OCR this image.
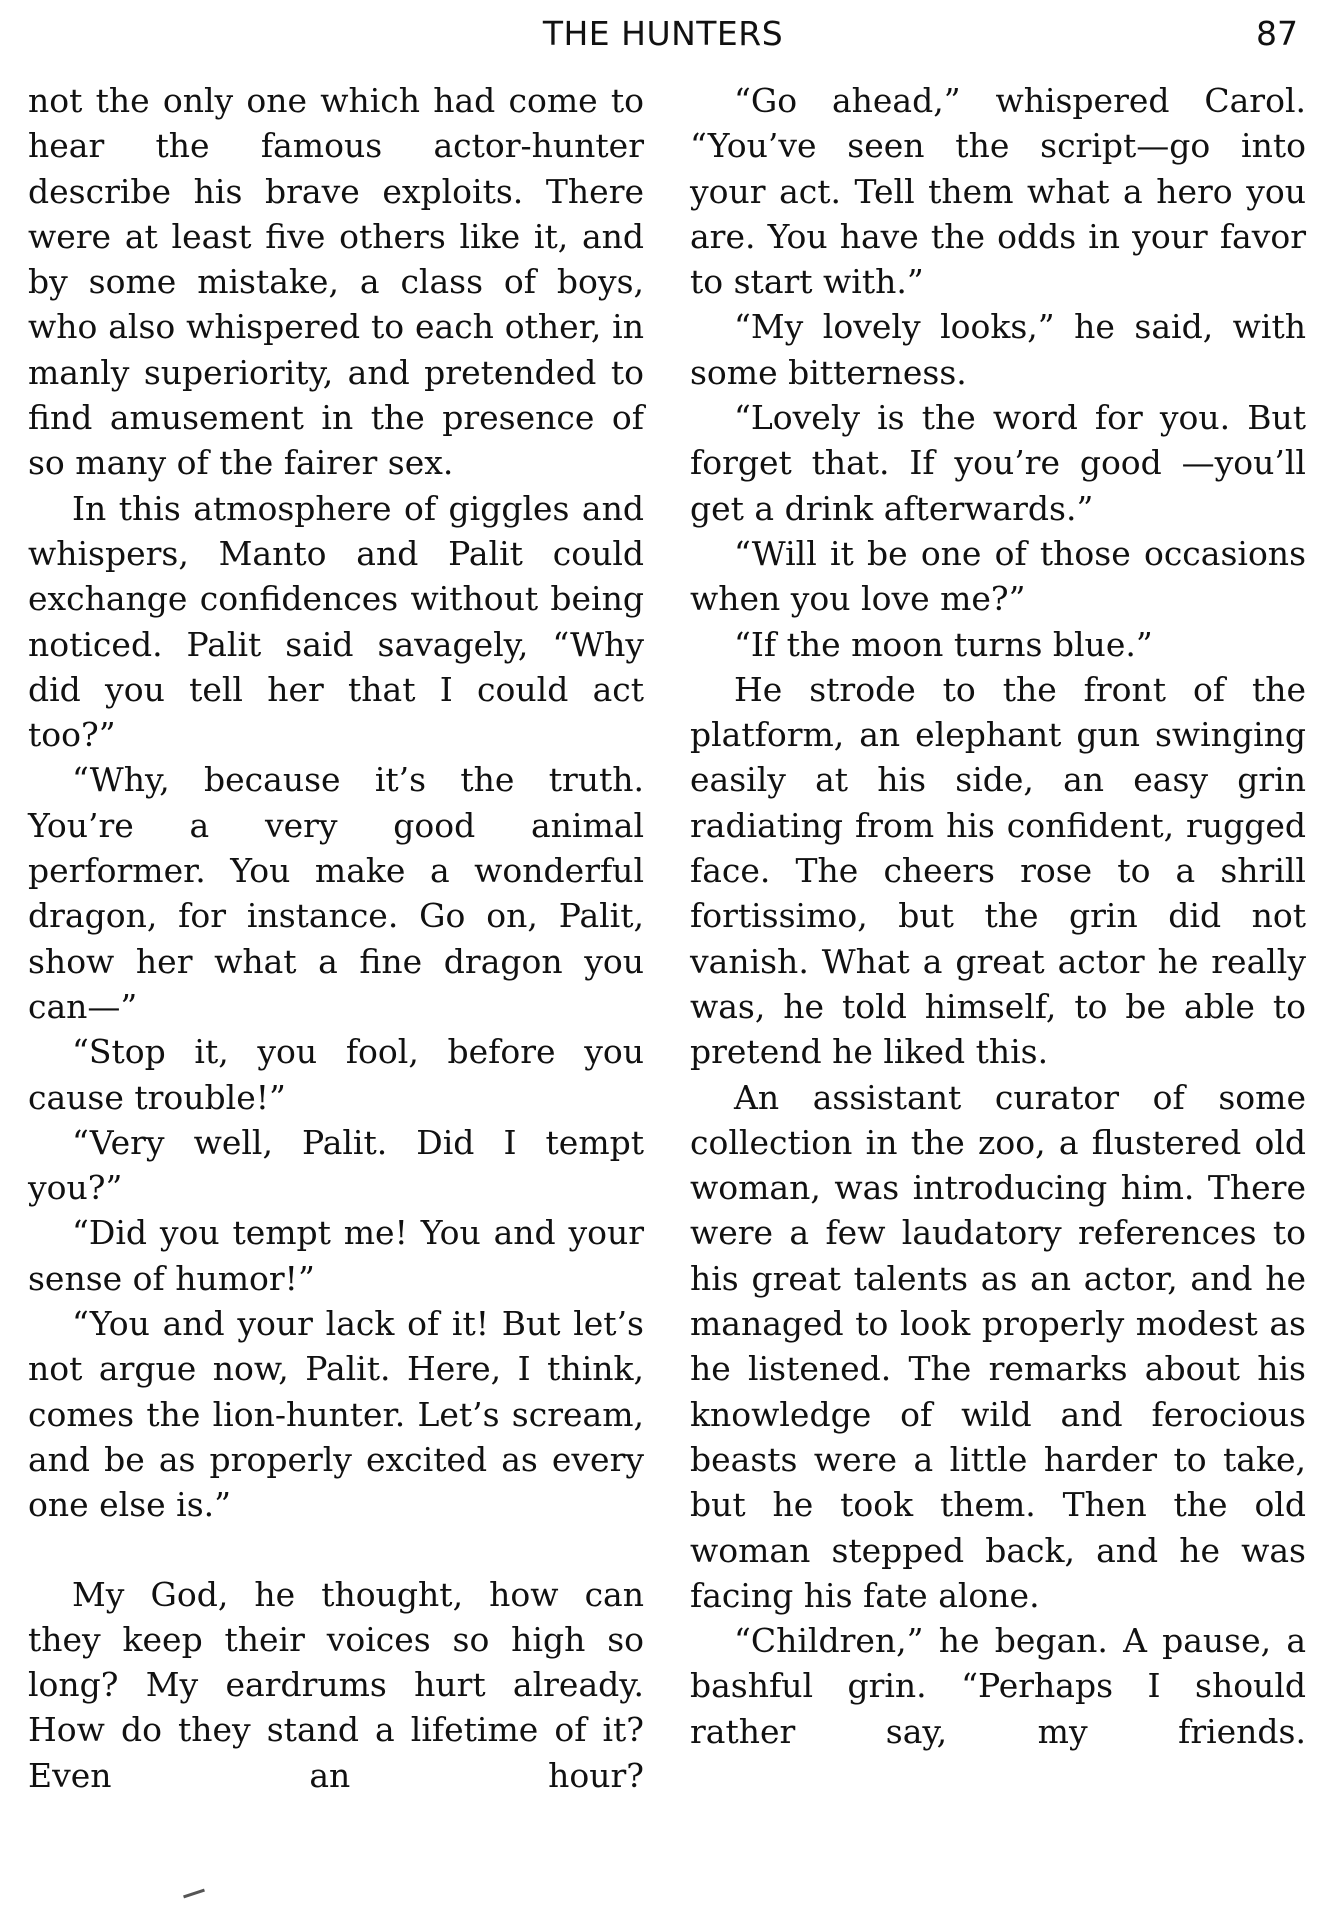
THE HUNTERS	87

not the only one which had come to hear the famous actor-hunter describe his brave exploits. There were at least five others like it, and by some mistake, a class of boys, who also whispered to each other, in manly superiority, and pretended to find amusement in the presence of so many of the fairer sex.

In this atmosphere of giggles and whispers, Manto and Palit could exchange confidences without being noticed. Palit said savagely, “Why did you tell her that I could act too?”

“Why, because it’s the truth. You’re a very good animal performer. You make a wonderful dragon, for instance. Go on, Palit, show her what a fine dragon you can—”

“Stop it, you fool, before you cause trouble!”

“Very well, Palit. Did I tempt you?”

“Did you tempt me! You and your sense of humor!”

“You and your lack of it! But let’s not argue now, Palit. Here, I think, comes the lion-hunter. Let’s scream, and be as properly excited as every one else is.”

My God, he thought, how can they keep their voices so high so long? My eardrums hurt already. How do they stand a lifetime of it? Even an hour?

“Go ahead,” whispered Carol. “You’ve seen the script—go into your act. Tell them what a hero you are. You have the odds in your favor to start with.”

“My lovely looks,” he said, with some bitterness.

“Lovely is the word for you. But forget that. If you’re good —you’ll get a drink afterwards.”

“Will it be one of those occasions when you love me?”

“If the moon turns blue.”

He strode to the front of the platform, an elephant gun swinging easily at his side, an easy grin radiating from his confident, rugged face. The cheers rose to a shrill fortissimo, but the grin did not vanish. What a great actor he really was, he told himself, to be able to pretend he liked this.

An assistant curator of some collection in the zoo, a flustered old woman, was introducing him. There were a few laudatory references to his great talents as an actor, and he managed to look properly modest as he listened. The remarks about his knowledge of wild and ferocious beasts were a little harder to take, but he took them. Then the old woman stepped back, and he was facing his fate alone.

“Children,” he began. A pause, a bashful grin. “Perhaps I should rather say, my friends.
